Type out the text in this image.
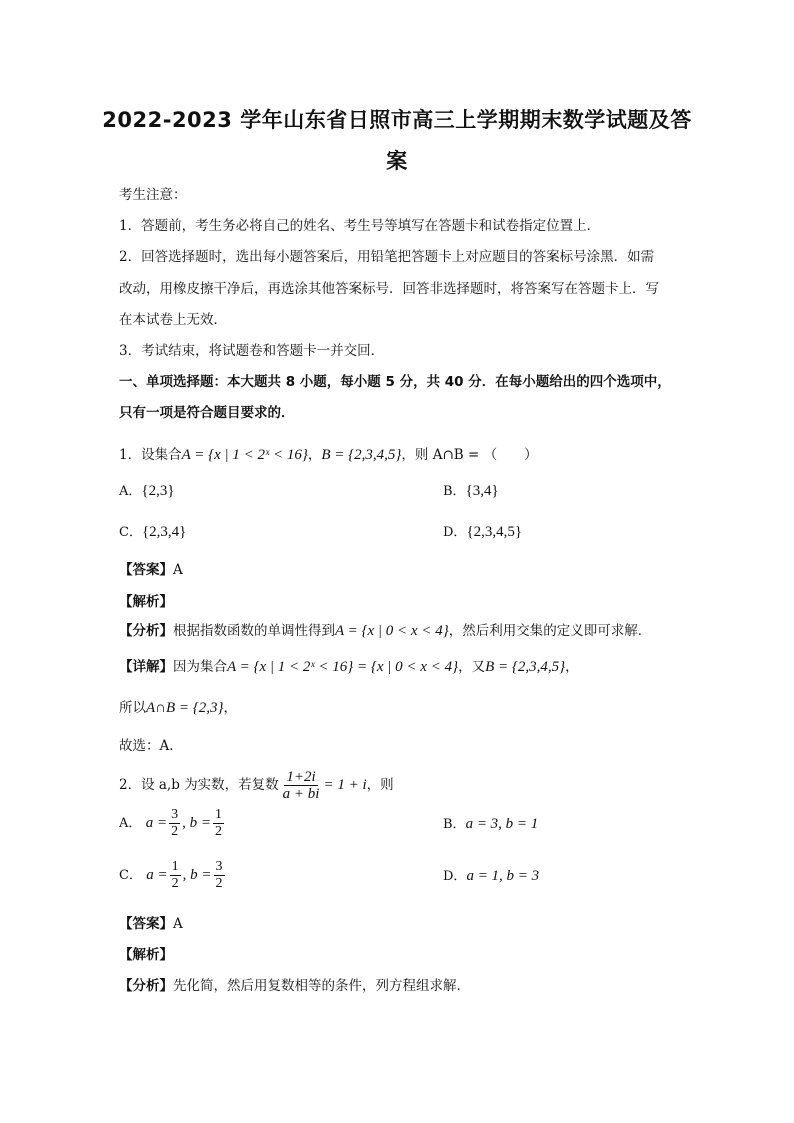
2022-2023 学年山东省日照市高三上学期期末数学试题及答
案
考生注意：
1．答题前，考生务必将自己的姓名、考生号等填写在答题卡和试卷指定位置上．
2．回答选择题时，选出每小题答案后，用铅笔把答题卡上对应题目的答案标号涂黑．如需
改动，用橡皮擦干净后，再选涂其他答案标号．回答非选择题时，将答案写在答题卡上．写
在本试卷上无效．
3．考试结束，将试题卷和答题卡一并交回．
一、单项选择题：本大题共 8 小题，每小题 5 分，共 40 分．在每小题给出的四个选项中，
只有一项是符合题目要求的．
1．设集合A = {x | 1 < 2ˣ < 16}，B = {2,3,4,5}，则 A∩B = （　　）
A．{2,3}	B．{3,4}
C．{2,3,4}	D．{2,3,4,5}
【答案】A
【解析】
【分析】根据指数函数的单调性得到A = {x | 0 < x < 4}，然后利用交集的定义即可求解．
【详解】因为集合A = {x | 1 < 2ˣ < 16} = {x | 0 < x < 4}，又B = {2,3,4,5}，
所以A∩B = {2,3}，
故选：A．
2．设 a,b 为实数，若复数 $\frac{1+2i}{a + bi} = 1 + i$，则
A． $a = \frac{3}{2}$ , $b = \frac{1}{2}$	B．a = 3, b = 1
C． $a = \frac{1}{2}$ , $b = \frac{3}{2}$	D．a = 1, b = 3
【答案】A
【解析】
【分析】先化简，然后用复数相等的条件，列方程组求解．
